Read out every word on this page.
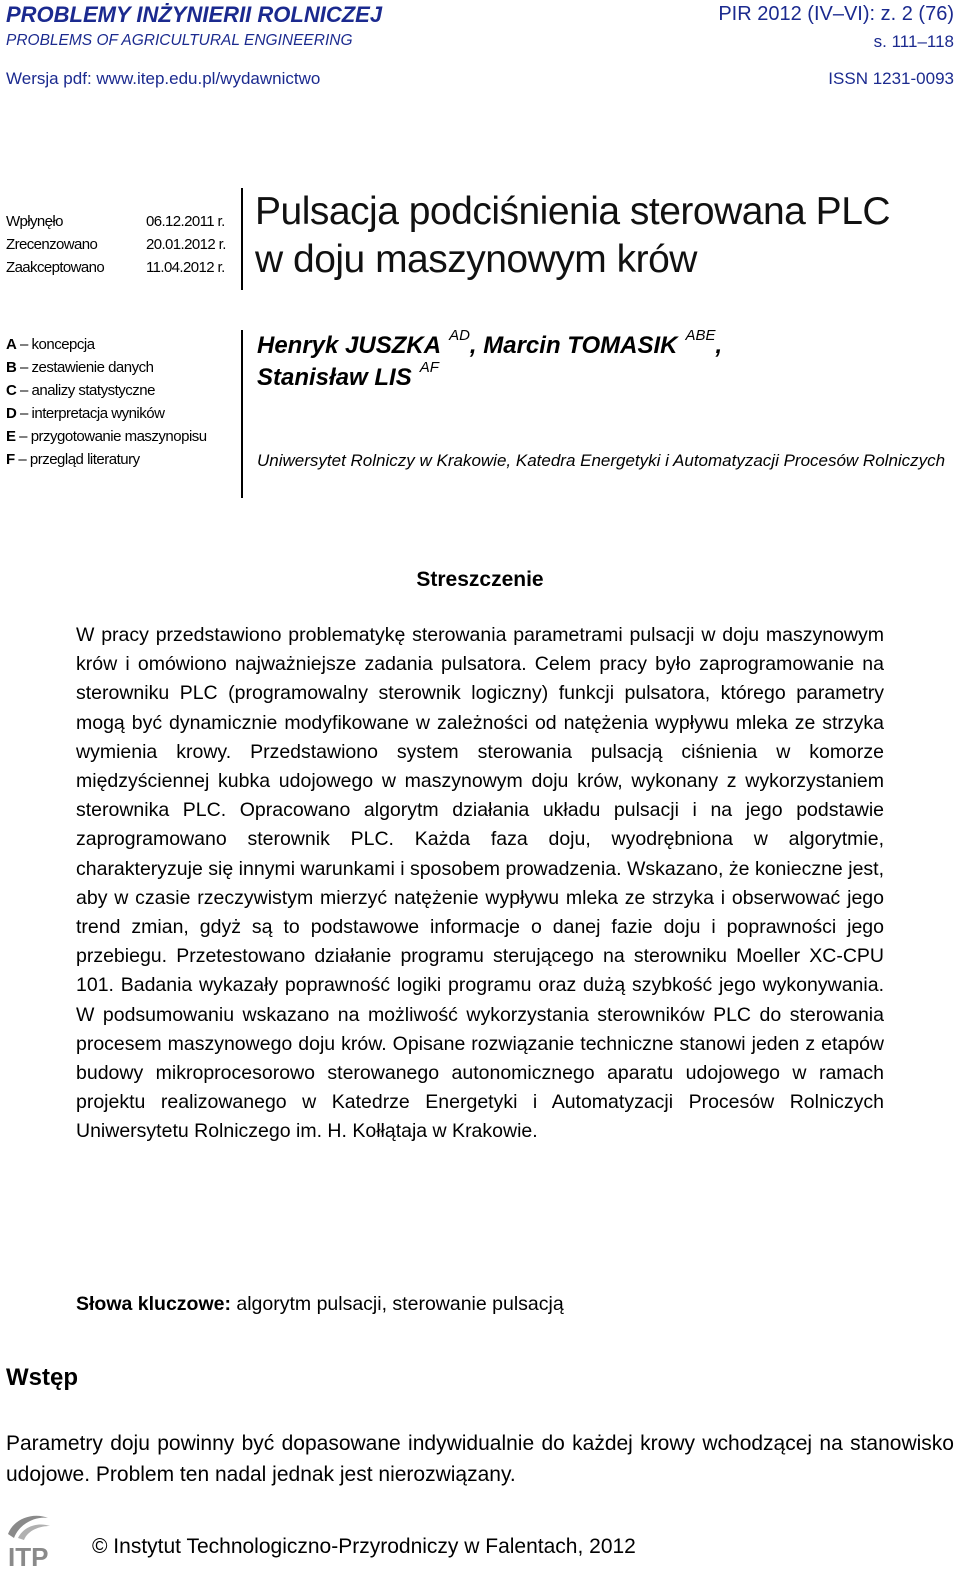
PROBLEMY INŻYNIERII ROLNICZEJ
PROBLEMS OF AGRICULTURAL ENGINEERING
PIR 2012 (IV–VI): z. 2 (76)
s. 111–118
Wersja pdf: www.itep.edu.pl/wydawnictwo	ISSN 1231-0093
Wpłynęło	06.12.2011 r.
Zrecenzowano	20.01.2012 r.
Zaakceptowano	11.04.2012 r.
Pulsacja podciśnienia sterowana PLC
w doju maszynowym krów
A – koncepcja
B – zestawienie danych
C – analizy statystyczne
D – interpretacja wyników
E – przygotowanie maszynopisu
F – przegląd literatury
Henryk JUSZKA $^{AD}$, Marcin TOMASIK $^{ABE}$,
Stanisław LIS $^{AF}$
Uniwersytet Rolniczy w Krakowie, Katedra Energetyki i Automatyzacji Procesów Rolniczych
Streszczenie
W pracy przedstawiono problematykę sterowania parametrami pulsacji w doju maszynowym krów i omówiono najważniejsze zadania pulsatora. Celem pracy było zaprogramowanie na sterowniku PLC (programowalny sterownik logiczny) funkcji pulsatora, którego parametry mogą być dynamicznie modyfikowane w zależności od natężenia wypływu mleka ze strzyka wymienia krowy. Przedstawiono system sterowania pulsacją ciśnienia w komorze międzyściennej kubka udojowego w maszynowym doju krów, wykonany z wykorzystaniem sterownika PLC. Opracowano algorytm działania układu pulsacji i na jego podstawie zaprogramowano sterownik PLC. Każda faza doju, wyodrębniona w algorytmie, charakteryzuje się innymi warunkami i sposobem prowadzenia. Wskazano, że konieczne jest, aby w czasie rzeczywistym mierzyć natężenie wypływu mleka ze strzyka i obserwować jego trend zmian, gdyż są to podstawowe informacje o danej fazie doju i poprawności jego przebiegu. Przetestowano działanie programu sterującego na sterowniku Moeller XC-CPU 101. Badania wykazały poprawność logiki programu oraz dużą szybkość jego wykonywania. W podsumowaniu wskazano na możliwość wykorzystania sterowników PLC do sterowania procesem maszynowego doju krów. Opisane rozwiązanie techniczne stanowi jeden z etapów budowy mikroprocesorowo sterowanego autonomicznego aparatu udojowego w ramach projektu realizowanego w Katedrze Energetyki i Automatyzacji Procesów Rolniczych Uniwersytetu Rolniczego im. H. Kołłątaja w Krakowie.
Słowa kluczowe: algorytm pulsacji, sterowanie pulsacją
Wstęp
Parametry doju powinny być dopasowane indywidualnie do każdej krowy wchodzącej na stanowisko udojowe. Problem ten nadal jednak jest nierozwiązany.
ITP © Instytut Technologiczno-Przyrodniczy w Falentach, 2012
